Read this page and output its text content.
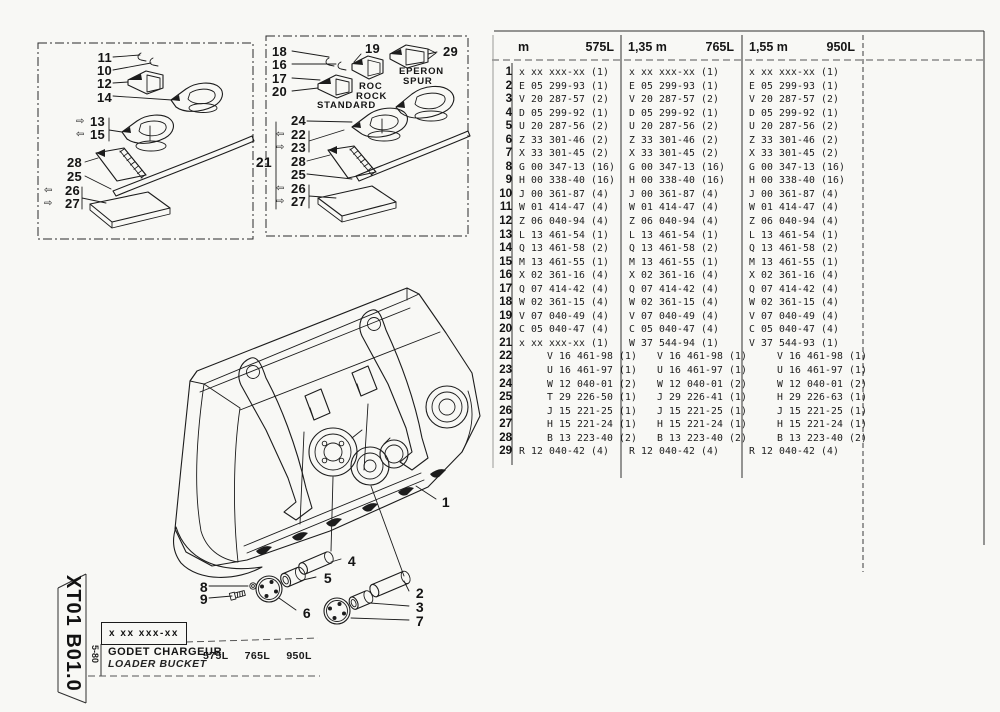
11
10
12
14
⇨ 13
⇦ 15
28
25
⇦ 26
⇨ 27
18
16
17
20
19	29
ROC
ROCK
STANDARD
EPERON
SPUR
24
⇦ 22
⇨ 23
28
25
⇦ 26
⇨ 27
21
1
2
3
4
5
6	7
8
9
m	575L 1,35 m	765L 1,55 m	950L
1 x xx xxx-xx (1) x xx xxx-xx (1)	x xx xxx-xx (1)
2 E 05 299-93 (1) E 05 299-93 (1)	E 05 299-93 (1)
3 V 20 287-57 (2) V 20 287-57 (2)	V 20 287-57 (2)
4 D 05 299-92 (1) D 05 299-92 (1)	D 05 299-92 (1)
5 U 20 287-56 (2) U 20 287-56 (2)	U 20 287-56 (2)
6 Z 33 301-46 (2) Z 33 301-46 (2)	Z 33 301-46 (2)
7 X 33 301-45 (2) X 33 301-45 (2)	X 33 301-45 (2)
8 G 00 347-13 (16) G 00 347-13 (16) G 00 347-13 (16)
9 H 00 338-40 (16) H 00 338-40 (16) H 00 338-40 (16)
10 J 00 361-87 (4) J 00 361-87 (4)	J 00 361-87 (4)
11 W 01 414-47 (4) W 01 414-47 (4)	W 01 414-47 (4)
12 Z 06 040-94 (4) Z 06 040-94 (4)	Z 06 040-94 (4)
13 L 13 461-54 (1) L 13 461-54 (1)	L 13 461-54 (1)
14 Q 13 461-58 (2) Q 13 461-58 (2)	Q 13 461-58 (2)
15 M 13 461-55 (1) M 13 461-55 (1)	M 13 461-55 (1)
16 X 02 361-16 (4) X 02 361-16 (4)	X 02 361-16 (4)
17 Q 07 414-42 (4) Q 07 414-42 (4)	Q 07 414-42 (4)
18 W 02 361-15 (4) W 02 361-15 (4)	W 02 361-15 (4)
19 V 07 040-49 (4) V 07 040-49 (4)	V 07 040-49 (4)
20 C 05 040-47 (4) C 05 040-47 (4)	C 05 040-47 (4)
21 x xx xxx-xx (1) W 37 544-94 (1)	V 37 544-93 (1)
22	V 16 461-98 (1) V 16 461-98 (1)	V 16 461-98 (1)
23	U 16 461-97 (1) U 16 461-97 (1)	U 16 461-97 (1)
24	W 12 040-01 (2) W 12 040-01 (2)	W 12 040-01 (2)
25	T 29 226-50 (1) J 29 226-41 (1)	H 29 226-63 (1)
26	J 15 221-25 (1) J 15 221-25 (1)	J 15 221-25 (1)
27	H 15 221-24 (1) H 15 221-24 (1)	H 15 221-24 (1)
28	B 13 223-40 (2) B 13 223-40 (2)	B 13 223-40 (2)
29 R 12 040-42 (4) R 12 040-42 (4)	R 12 040-42 (4)
XT01 B01.0 5-80
x xx xxx-xx
GODET CHARGEUR
LOADER BUCKET
575L 765L 950L
